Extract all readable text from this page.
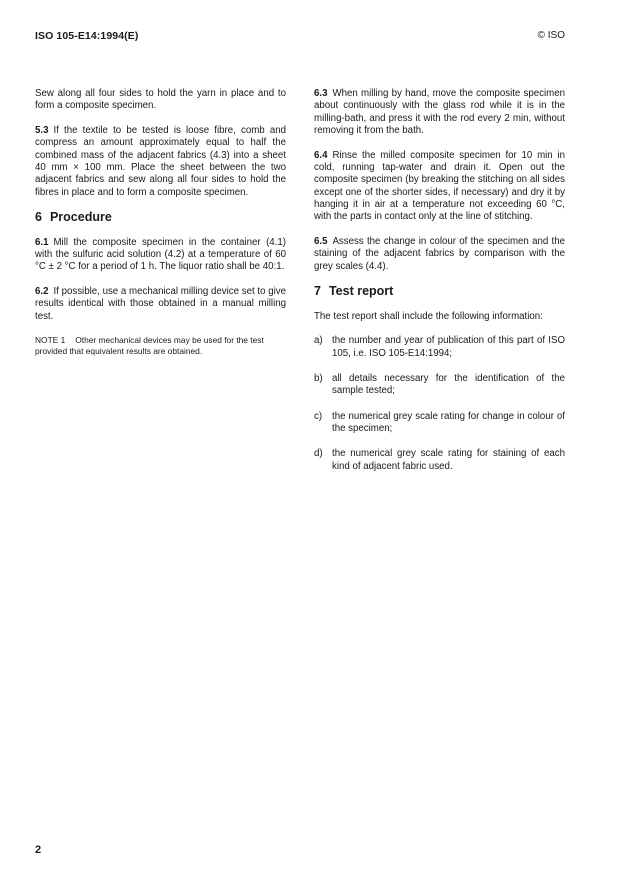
ISO 105-E14:1994(E)	© ISO

Sew along all four sides to hold the yarn in place and to form a composite specimen.

5.3 If the textile to be tested is loose fibre, comb and compress an amount approximately equal to half the combined mass of the adjacent fabrics (4.3) into a sheet 40 mm × 100 mm. Place the sheet between the two adjacent fabrics and sew along all four sides to hold the fibres in place and to form a composite specimen.

6 Procedure

6.1 Mill the composite specimen in the container (4.1) with the sulfuric acid solution (4.2) at a temperature of 60 °C ± 2 °C for a period of 1 h. The liquor ratio shall be 40:1.

6.2 If possible, use a mechanical milling device set to give results identical with those obtained in a manual milling test.

NOTE 1 Other mechanical devices may be used for the test provided that equivalent results are obtained.

6.3 When milling by hand, move the composite specimen about continuously with the glass rod while it is in the milling-bath, and press it with the rod every 2 min, without removing it from the bath.

6.4 Rinse the milled composite specimen for 10 min in cold, running tap-water and drain it. Open out the composite specimen (by breaking the stitching on all sides except one of the shorter sides, if necessary) and dry it by hanging it in air at a temperature not exceeding 60 °C, with the parts in contact only at the line of stitching.

6.5 Assess the change in colour of the specimen and the staining of the adjacent fabrics by comparison with the grey scales (4.4).

7 Test report

The test report shall include the following information:

a) the number and year of publication of this part of ISO 105, i.e. ISO 105-E14:1994;
b) all details necessary for the identification of the sample tested;
c)	the numerical grey scale rating for change in colour of the specimen;
d) the numerical grey scale rating for staining of each kind of adjacent fabric used.
2
